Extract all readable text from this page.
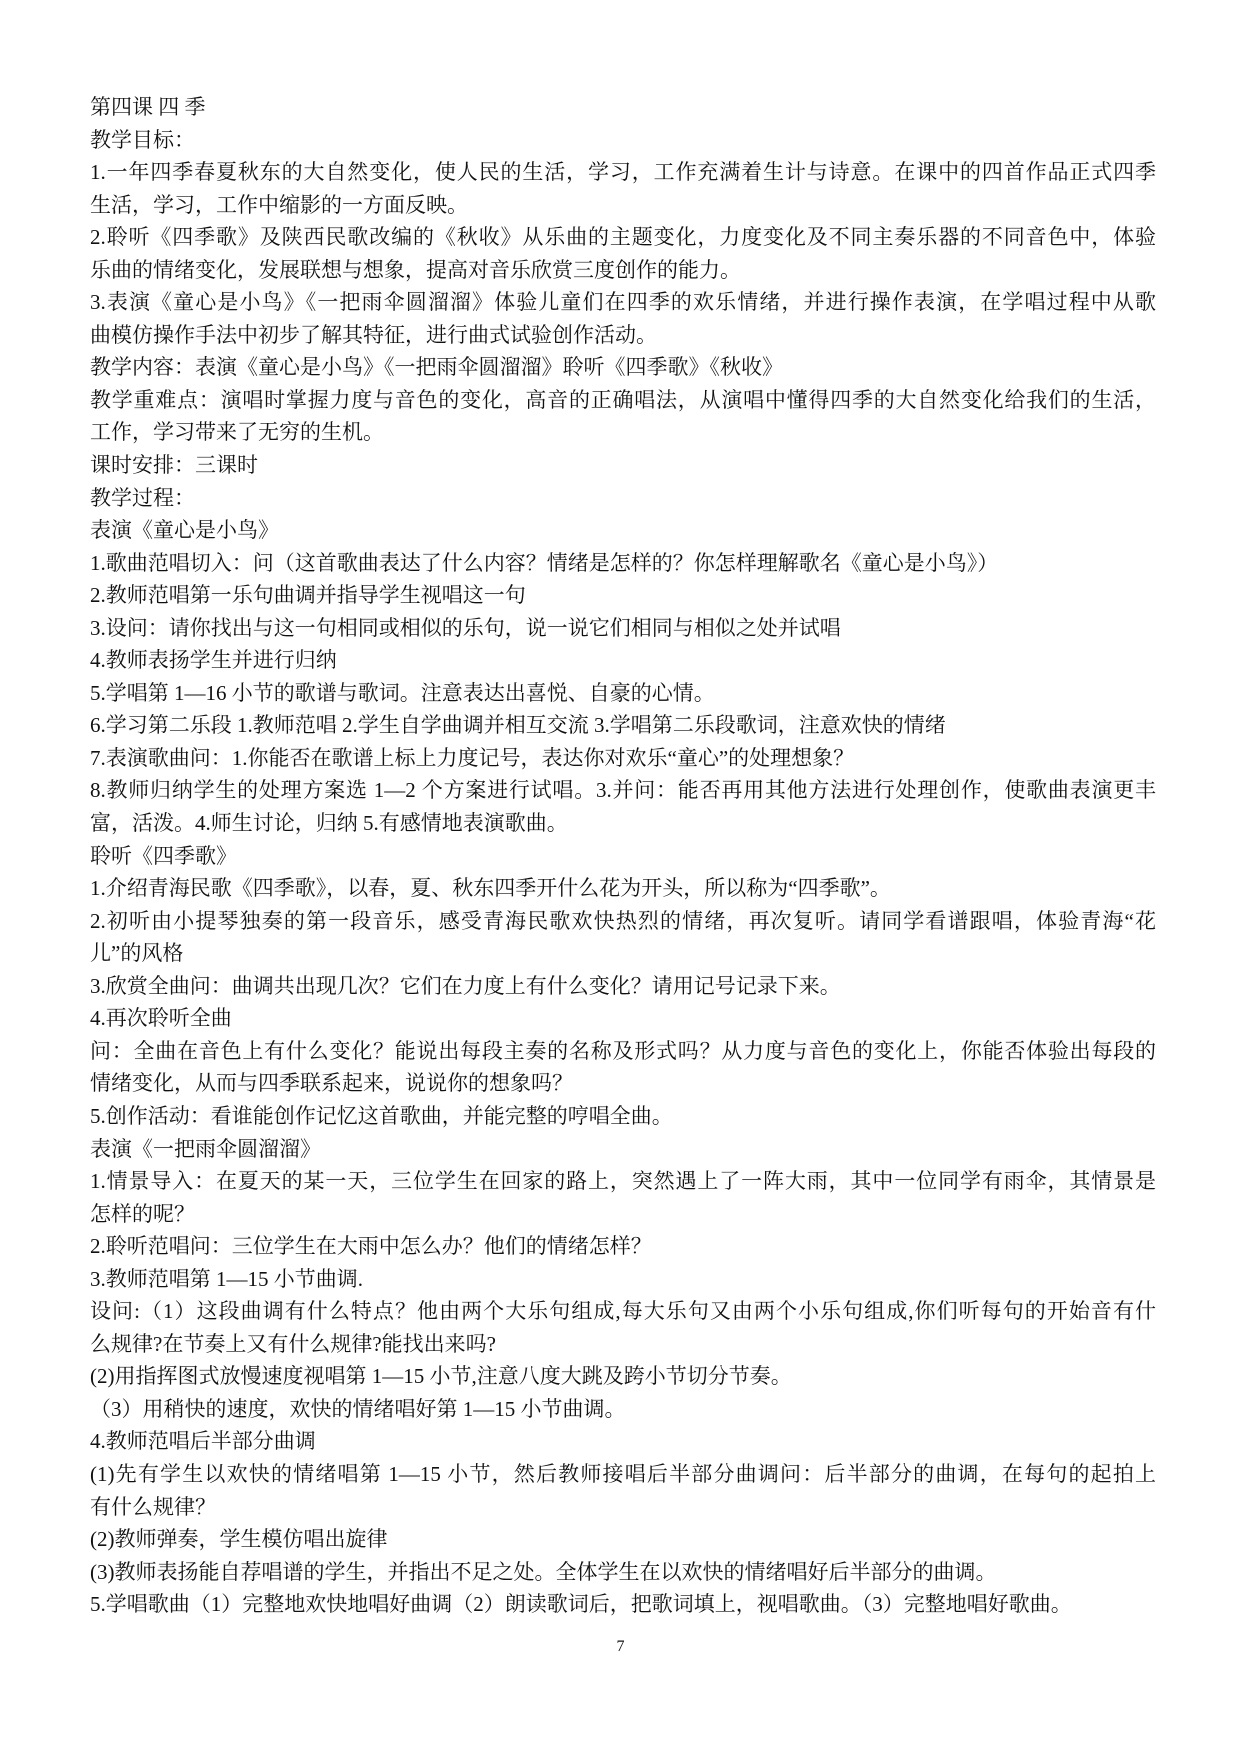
第四课 四 季
教学目标：
1.一年四季春夏秋东的大自然变化，使人民的生活，学习，工作充满着生计与诗意。在课中的四首作品正式四季
生活，学习，工作中缩影的一方面反映。
2.聆听《四季歌》及陕西民歌改编的《秋收》从乐曲的主题变化，力度变化及不同主奏乐器的不同音色中，体验
乐曲的情绪变化，发展联想与想象，提高对音乐欣赏三度创作的能力。
3.表演《童心是小鸟》《一把雨伞圆溜溜》体验儿童们在四季的欢乐情绪，并进行操作表演，在学唱过程中从歌
曲模仿操作手法中初步了解其特征，进行曲式试验创作活动。
教学内容：表演《童心是小鸟》《一把雨伞圆溜溜》聆听《四季歌》《秋收》
教学重难点：演唱时掌握力度与音色的变化，高音的正确唱法，从演唱中懂得四季的大自然变化给我们的生活，
工作，学习带来了无穷的生机。
课时安排：三课时
教学过程：
表演《童心是小鸟》
1.歌曲范唱切入：问（这首歌曲表达了什么内容？情绪是怎样的？你怎样理解歌名《童心是小鸟》）
2.教师范唱第一乐句曲调并指导学生视唱这一句
3.设问：请你找出与这一句相同或相似的乐句，说一说它们相同与相似之处并试唱
4.教师表扬学生并进行归纳
5.学唱第 1—16 小节的歌谱与歌词。注意表达出喜悦、自豪的心情。
6.学习第二乐段 1.教师范唱 2.学生自学曲调并相互交流 3.学唱第二乐段歌词，注意欢快的情绪
7.表演歌曲问：1.你能否在歌谱上标上力度记号，表达你对欢乐“童心”的处理想象？
8.教师归纳学生的处理方案选 1—2 个方案进行试唱。3.并问：能否再用其他方法进行处理创作，使歌曲表演更丰
富，活泼。4.师生讨论，归纳 5.有感情地表演歌曲。
聆听《四季歌》
1.介绍青海民歌《四季歌》，以春，夏、秋东四季开什么花为开头，所以称为“四季歌”。
2.初听由小提琴独奏的第一段音乐，感受青海民歌欢快热烈的情绪，再次复听。请同学看谱跟唱，体验青海“花
儿”的风格
3.欣赏全曲问：曲调共出现几次？它们在力度上有什么变化？请用记号记录下来。
4.再次聆听全曲
问：全曲在音色上有什么变化？能说出每段主奏的名称及形式吗？从力度与音色的变化上，你能否体验出每段的
情绪变化，从而与四季联系起来，说说你的想象吗？
5.创作活动：看谁能创作记忆这首歌曲，并能完整的哼唱全曲。
表演《一把雨伞圆溜溜》
1.情景导入：在夏天的某一天，三位学生在回家的路上，突然遇上了一阵大雨，其中一位同学有雨伞，其情景是
怎样的呢？
2.聆听范唱问：三位学生在大雨中怎么办？他们的情绪怎样？
3.教师范唱第 1—15 小节曲调.
设问:（1）这段曲调有什么特点？他由两个大乐句组成,每大乐句又由两个小乐句组成,你们听每句的开始音有什
么规律?在节奏上又有什么规律?能找出来吗?
(2)用指挥图式放慢速度视唱第 1—15 小节,注意八度大跳及跨小节切分节奏。
（3）用稍快的速度，欢快的情绪唱好第 1—15 小节曲调。
4.教师范唱后半部分曲调
(1)先有学生以欢快的情绪唱第 1—15 小节，然后教师接唱后半部分曲调问：后半部分的曲调，在每句的起拍上
有什么规律？
(2)教师弹奏，学生模仿唱出旋律
(3)教师表扬能自荐唱谱的学生，并指出不足之处。全体学生在以欢快的情绪唱好后半部分的曲调。
5.学唱歌曲（1）完整地欢快地唱好曲调（2）朗读歌词后，把歌词填上，视唱歌曲。（3）完整地唱好歌曲。
7
